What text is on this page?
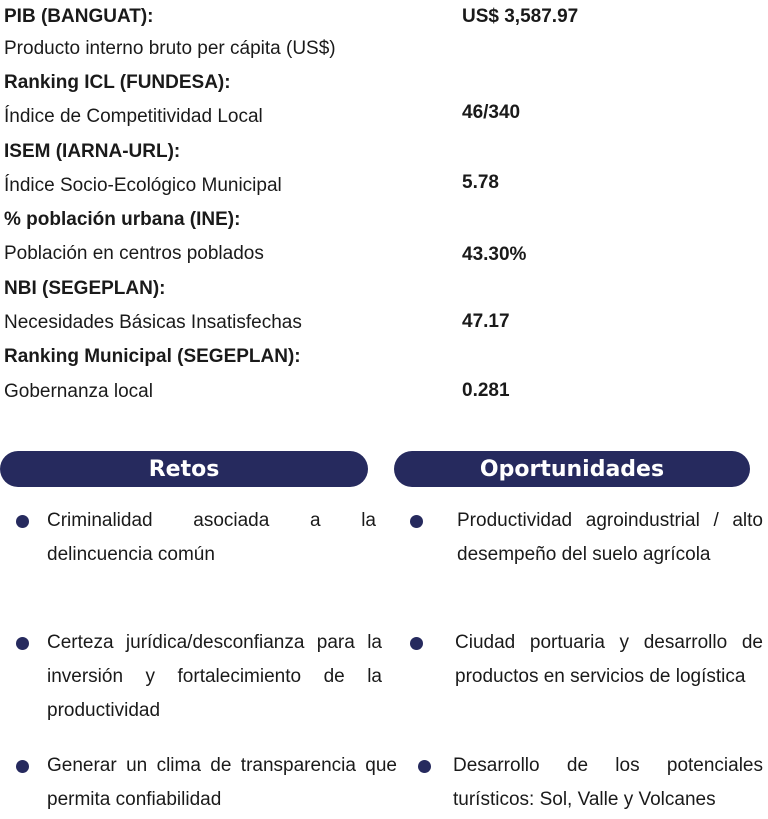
PIB (BANGUAT):	US$ 3,587.97
Producto interno bruto per cápita (US$)
Ranking ICL (FUNDESA):
46/340
Índice de Competitividad Local
ISEM (IARNA-URL):
5.78
Índice Socio-Ecológico Municipal
% población urbana (INE):
43.30%
Población en centros poblados
NBI (SEGEPLAN):
47.17
Necesidades Básicas Insatisfechas
Ranking Municipal (SEGEPLAN):
0.281
Gobernanza local
Retos	Oportunidades
Criminalidad asociada a la delincuencia común
Certeza jurídica/desconfianza para la inversión y fortalecimiento de la productividad
Generar un clima de transparencia que permita confiabilidad
Productividad agroindustrial / alto desempeño del suelo agrícola
Ciudad portuaria y desarrollo de productos en servicios de logística
Desarrollo de los potenciales turísticos: Sol, Valle y Volcanes
